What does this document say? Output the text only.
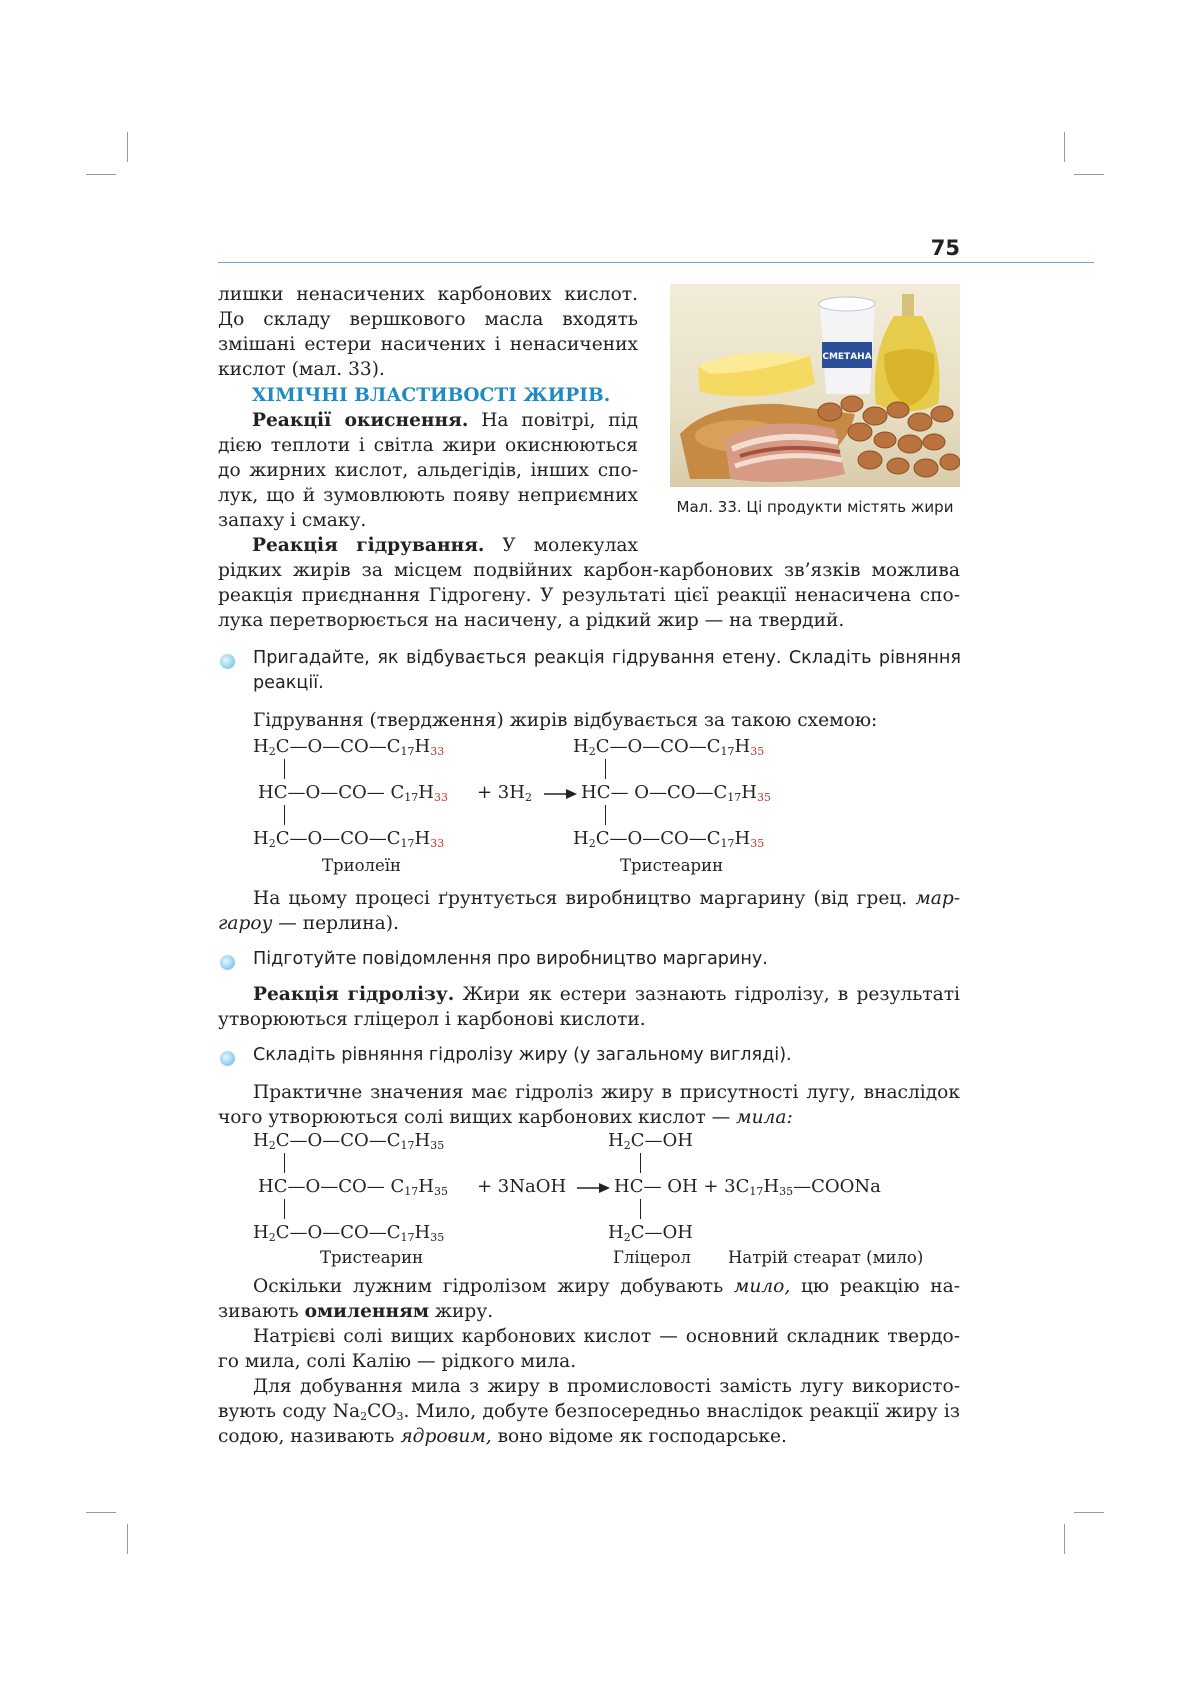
75
СМЕТАНА
Мал. 33. Ці продукти містять жири
лишки ненасичених карбонових кислот.
До складу вершкового масла входять
змішані естери насичених і ненасичених
кислот (мал. 33).
ХІМІЧНІ ВЛАСТИВОСТІ ЖИРІВ.
Реакції окиснення. На повітрі, під
дією теплоти і світла жири окиснюються
до жирних кислот, альдегідів, інших спо-
лук, що й зумовлюють появу неприємних
запаху і смаку.
Реакція гідрування. У молекулах
рідких жирів за місцем подвійних карбон-карбонових зв’язків можлива
реакція приєднання Гідрогену. У результаті цієї реакції ненасичена спо-
лука перетворюється на насичену, а рідкий жир — на твердий.
Пригадайте, як відбувається реакція гідрування етену. Складіть рівняння
реакції.
Гідрування (твердження) жирів відбувається за такою схемою:
$H_2C—O—CO—C_{17}H_{33}$
HC—O—CO— $C_{17}H_{33}$
$H_2C—O—CO—C_{17}H_{33}$
+ $3H_2$ →
$H_2C—O—CO—C_{17}H_{35}$
HC— $O—CO—C_{17}H_{35}$
$H_2C—O—CO—C_{17}H_{35}$
Триолеїн	Тристеарин
На цьому процесі ґрунтується виробництво маргарину (від грец. мар-
гароу — перлина).
Підготуйте повідомлення про виробництво маргарину.
Реакція гідролізу. Жири як естери зазнають гідролізу, в результаті
утворюються гліцерол і карбонові кислоти.
Складіть рівняння гідролізу жиру (у загальному вигляді).
Практичне значения має гідроліз жиру в присутності лугу, внаслідок
чого утворюються солі вищих карбонових кислот — мила:
$H_2C—O—CO—C_{17}H_{35}$
HC—O—CO— $C_{17}H_{35}$
$H_2C—O—CO—C_{17}H_{35}$
+ 3NaOH →
$H_2C—OH$
HC— OH + $3C_{17}H_{35}—COONa$
$H_2C—OH$
Тристеарин	Гліцерол Натрій стеарат (мило)
Оскільки лужним гідролізом жиру добувають мило, цю реакцію на-
зивають омиленням жиру.
Натрієві солі вищих карбонових кислот — основний складник твердо-
го мила, солі Калію — рідкого мила.
Для добування мила з жиру в промисловості замість лугу використо-
вують соду $Na_2CO_3$. Мило, добуте безпосередньо внаслідок реакції жиру із
содою, називають ядровим, воно відоме як господарське.
